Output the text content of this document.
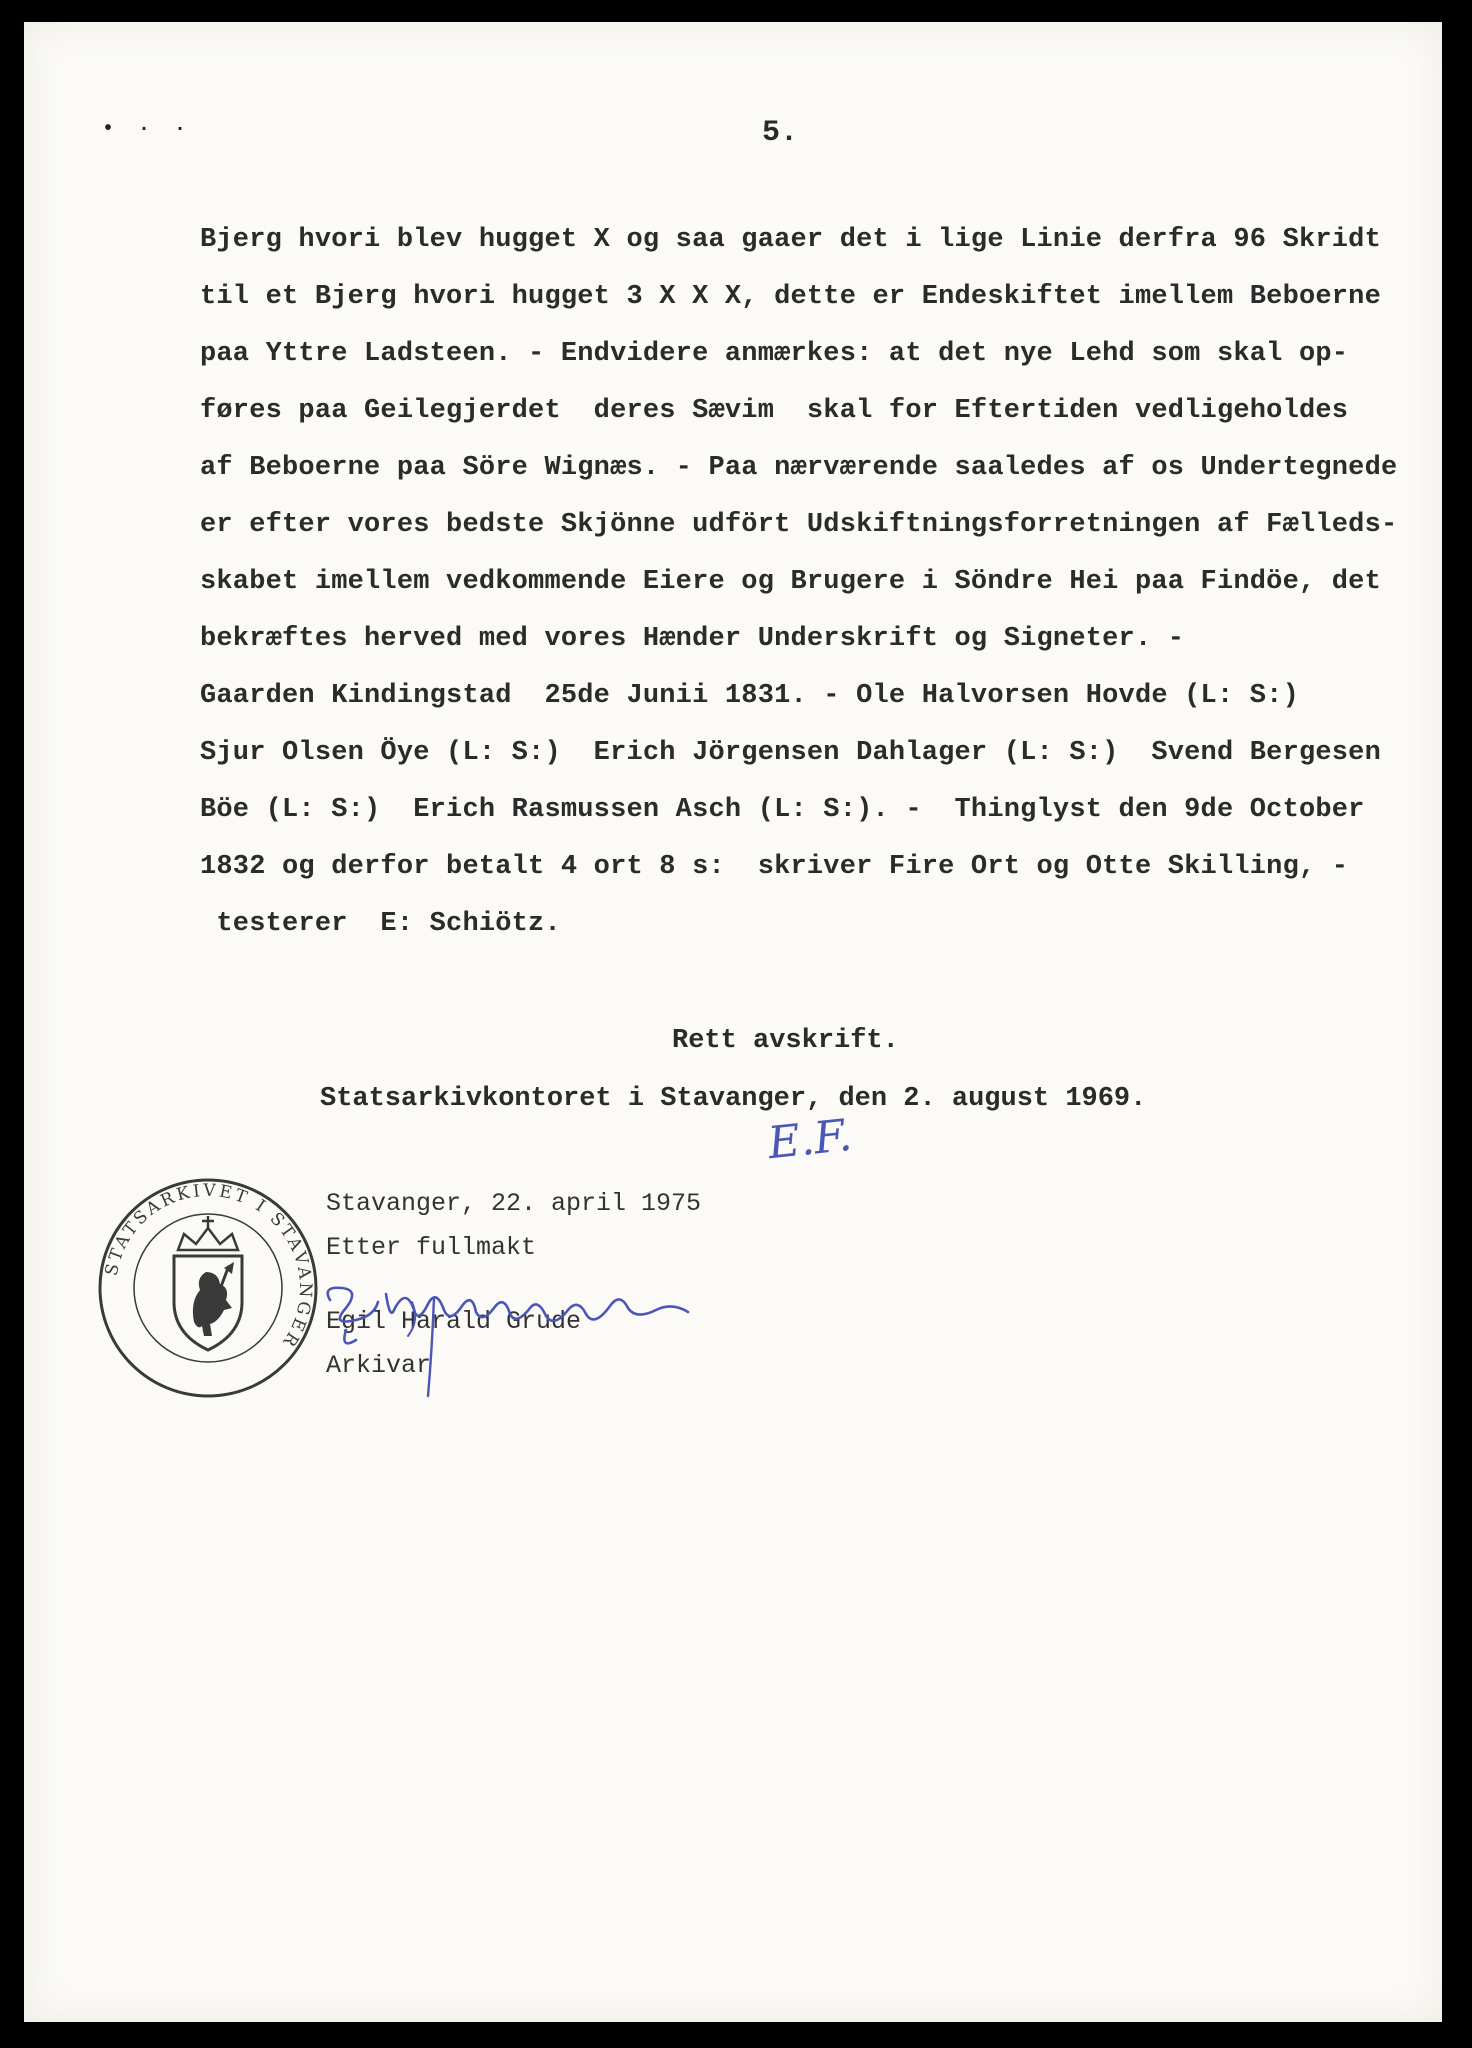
• · ·	5.
Bjerg hvori blev hugget X og saa gaaer det i lige Linie derfra 96 Skridt
til et Bjerg hvori hugget 3 X X X, dette er Endeskiftet imellem Beboerne
paa Yttre Ladsteen. - Endvidere anmærkes: at det nye Lehd som skal op-
føres paa Geilegjerdet  deres Sævim  skal for Eftertiden vedligeholdes
af Beboerne paa Söre Wignæs. - Paa nærværende saaledes af os Undertegnede
er efter vores bedste Skjönne udfört Udskiftningsforretningen af Fælleds-
skabet imellem vedkommende Eiere og Brugere i Söndre Hei paa Findöe, det
bekræftes herved med vores Hænder Underskrift og Signeter. -
Gaarden Kindingstad  25de Junii 1831. - Ole Halvorsen Hovde (L: S:)
Sjur Olsen Öye (L: S:)  Erich Jörgensen Dahlager (L: S:)  Svend Bergesen
Böe (L: S:)  Erich Rasmussen Asch (L: S:). -  Thinglyst den 9de October
1832 og derfor betalt 4 ort 8 s:  skriver Fire Ort og Otte Skilling, -
testerer  E: Schiötz.
Rett avskrift.
Statsarkivkontoret i Stavanger, den 2. august 1969.
E.F.
STATSARKIVET I STAVANGER
Stavanger, 22. april 1975
Etter fullmakt
Egil Harald Grude
Arkivar
